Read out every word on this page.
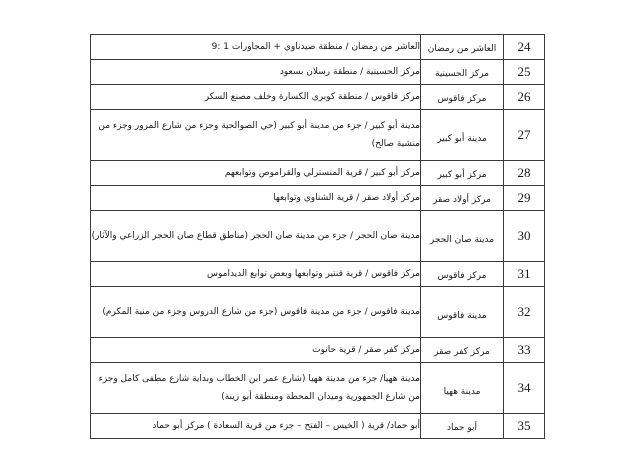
24	العاشر من رمضان	العاشر من رمضان / منطقة صيدناوي + المجاورات 1 :9
25	مركز الحسينية	مركز الحسينية / منطقة رسلان بسعود
26	مركز فاقوس	مركز فاقوس / منطقة كوبري الكسارة وخلف مصنع السكر
27	مدينة أبو كبير	مدينة أبو كبير / جزء من مدينة أبو كبير (حي الصوالحية وجزء من شارع المرور وجزء من منشية صالح)
28	مركز أبو كبير	مركز أبو كبير / قرية المنسترلي والقراموص وتوابعهم
29	مركز أولاد صقر	مركز أولاد صقر / قرية الشناوي وتوابعها
30	مدينة صان الحجر	مدينة صان الحجر / جزء من مدينة صان الحجر (مناطق قطاع صان الحجر الزراعي والآثار)
31	مركز فاقوس	مركز فاقوس / قرية قنتير وتوابعها وبعض توابع الديداموس
32	مدينة فاقوس	مدينة فاقوس / جزء من مدينة فاقوس (جزء من شارع الدروس وجزء من منية المكرم)
33	مركز كفر صقر	مركز كفر صقر / قرية حانوت
34	مدينة ههيا	مدينة ههيا/ جزء من مدينة ههيا (شارع عمر ابن الخطاب وبداية شارع مطفى كامل وجزء من شارع الجمهورية وميدان المحطة ومنطقة أبو زينة)
35	أبو حماد	أبو حماد/ قرية ( الخيس – الفتح – جزء من قرية السعادة ) مركز أبو حماد
